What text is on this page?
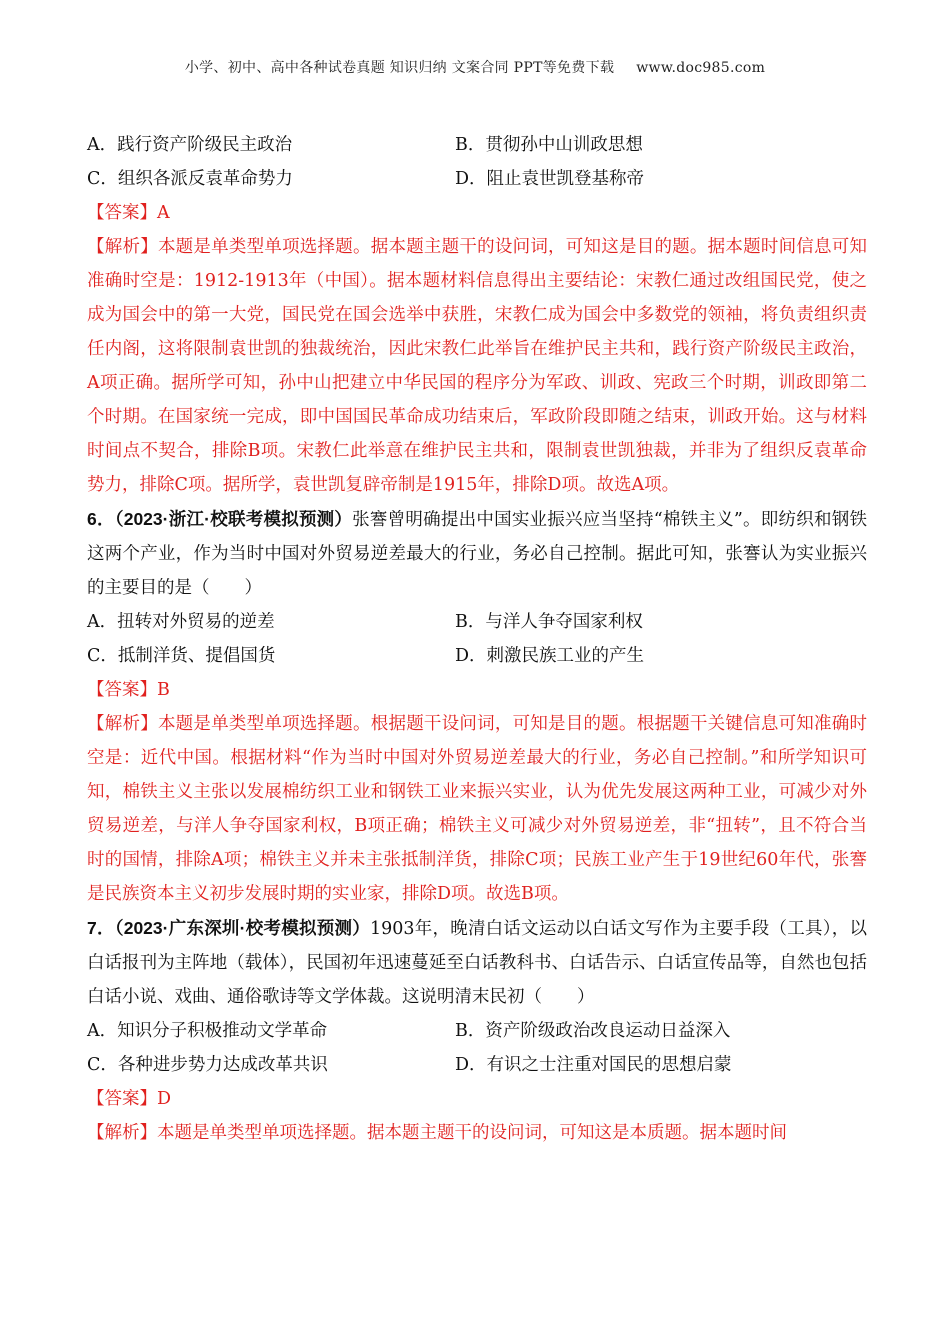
小学、初中、高中各种试卷真题 知识归纳 文案合同 PPT等免费下载 www.doc985.com
A．践行资产阶级民主政治	B．贯彻孙中山训政思想
C．组织各派反袁革命势力	D．阻止袁世凯登基称帝

【答案】A

【解析】本题是单类型单项选择题。据本题主题干的设问词，可知这是目的题。据本题时间信息可知准确时空是：1912-1913年（中国）。据本题材料信息得出主要结论：宋教仁通过改组国民党，使之成为国会中的第一大党，国民党在国会选举中获胜，宋教仁成为国会中多数党的领袖，将负责组织责任内阁，这将限制袁世凯的独裁统治，因此宋教仁此举旨在维护民主共和，践行资产阶级民主政治，A项正确。据所学可知，孙中山把建立中华民国的程序分为军政、训政、宪政三个时期，训政即第二个时期。在国家统一完成，即中国国民革命成功结束后，军政阶段即随之结束，训政开始。这与材料时间点不契合，排除B项。宋教仁此举意在维护民主共和，限制袁世凯独裁，并非为了组织反袁革命势力，排除C项。据所学，袁世凯复辟帝制是1915年，排除D项。故选A项。

6．（2023·浙江·校联考模拟预测）张謇曾明确提出中国实业振兴应当坚持“棉铁主义”。即纺织和钢铁这两个产业，作为当时中国对外贸易逆差最大的行业，务必自己控制。据此可知，张謇认为实业振兴的主要目的是（　　）

A．扭转对外贸易的逆差	B．与洋人争夺国家利权
C．抵制洋货、提倡国货	D．刺激民族工业的产生

【答案】B

【解析】本题是单类型单项选择题。根据题干设问词，可知是目的题。根据题干关键信息可知准确时空是：近代中国。根据材料“作为当时中国对外贸易逆差最大的行业，务必自己控制。”和所学知识可知，棉铁主义主张以发展棉纺织工业和钢铁工业来振兴实业，认为优先发展这两种工业，可减少对外贸易逆差，与洋人争夺国家利权，B项正确；棉铁主义可减少对外贸易逆差，非“扭转”，且不符合当时的国情，排除A项；棉铁主义并未主张抵制洋货，排除C项；民族工业产生于19世纪60年代，张謇是民族资本主义初步发展时期的实业家，排除D项。故选B项。

7．（2023·广东深圳·校考模拟预测）1903年，晚清白话文运动以白话文写作为主要手段（工具），以白话报刊为主阵地（载体），民国初年迅速蔓延至白话教科书、白话告示、白话宣传品等，自然也包括白话小说、戏曲、通俗歌诗等文学体裁。这说明清末民初（　　）

A．知识分子积极推动文学革命	B．资产阶级政治改良运动日益深入
C．各种进步势力达成改革共识	D．有识之士注重对国民的思想启蒙

【答案】D

【解析】本题是单类型单项选择题。据本题主题干的设问词，可知这是本质题。据本题时间
